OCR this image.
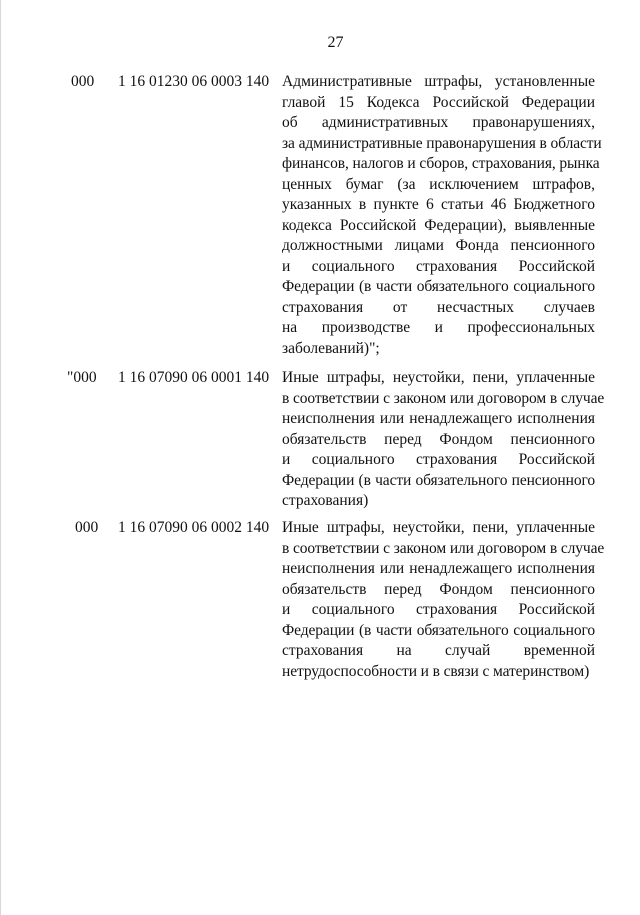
27
000 1 16 01230 06 0003 140 Административные штрафы, установленные
главой 15 Кодекса Российской Федерации
об административных правонарушениях,
за административные правонарушения в области
финансов, налогов и сборов, страхования, рынка
ценных бумаг (за исключением штрафов,
указанных в пункте 6 статьи 46 Бюджетного
кодекса Российской Федерации), выявленные
должностными лицами Фонда пенсионного
и социального страхования Российской
Федерации (в части обязательного социального
страхования от несчастных случаев
на производстве и профессиональных
заболеваний)";
"000 1 16 07090 06 0001 140 Иные штрафы, неустойки, пени, уплаченные
в соответствии с законом или договором в случае
неисполнения или ненадлежащего исполнения
обязательств перед Фондом пенсионного
и социального страхования Российской
Федерации (в части обязательного пенсионного
страхования)
000 1 16 07090 06 0002 140 Иные штрафы, неустойки, пени, уплаченные
в соответствии с законом или договором в случае
неисполнения или ненадлежащего исполнения
обязательств перед Фондом пенсионного
и социального страхования Российской
Федерации (в части обязательного социального
страхования на случай временной
нетрудоспособности и в связи с материнством)
